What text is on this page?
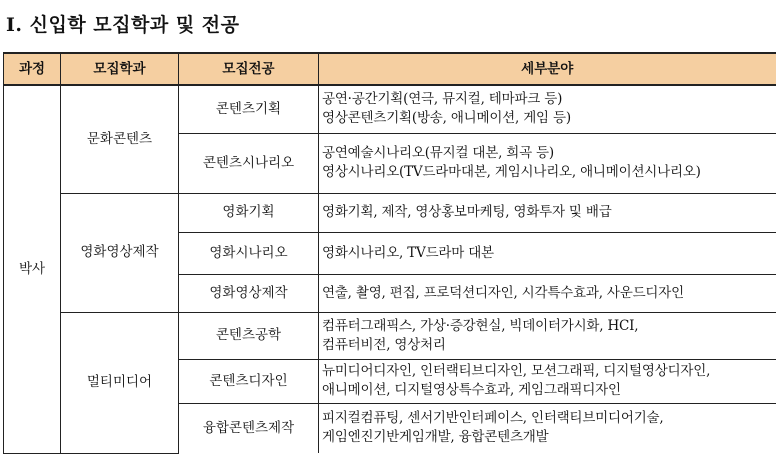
I. 신입학 모집학과 및 전공
과정	모집학과	모집전공	세부분야
박사	문화콘텐츠	콘텐츠기획	공연·공간기획(연극, 뮤지컬, 테마파크 등)
영상콘텐츠기획(방송, 애니메이션, 게임 등)

		콘텐츠시나리오	공연예술시나리오(뮤지컬 대본, 희곡 등)
영상시나리오(TV드라마대본, 게임시나리오, 애니메이션시나리오)

	영화영상제작	영화기획	영화기획, 제작, 영상홍보마케팅, 영화투자 및 배급

		영화시나리오	영화시나리오, TV드라마 대본

		영화영상제작	연출, 촬영, 편집, 프로덕션디자인, 시각특수효과, 사운드디자인

	멀티미디어	콘텐츠공학	컴퓨터그래픽스, 가상·증강현실, 빅데이터가시화, HCI,
컴퓨터비전, 영상처리

		콘텐츠디자인	뉴미디어디자인, 인터랙티브디자인, 모션그래픽, 디지털영상디자인,
애니메이션, 디지털영상특수효과, 게임그래픽디자인

		융합콘텐츠제작	피지컬컴퓨팅, 센서기반인터페이스, 인터랙티브미디어기술,
게임엔진기반게임개발, 융합콘텐츠개발
